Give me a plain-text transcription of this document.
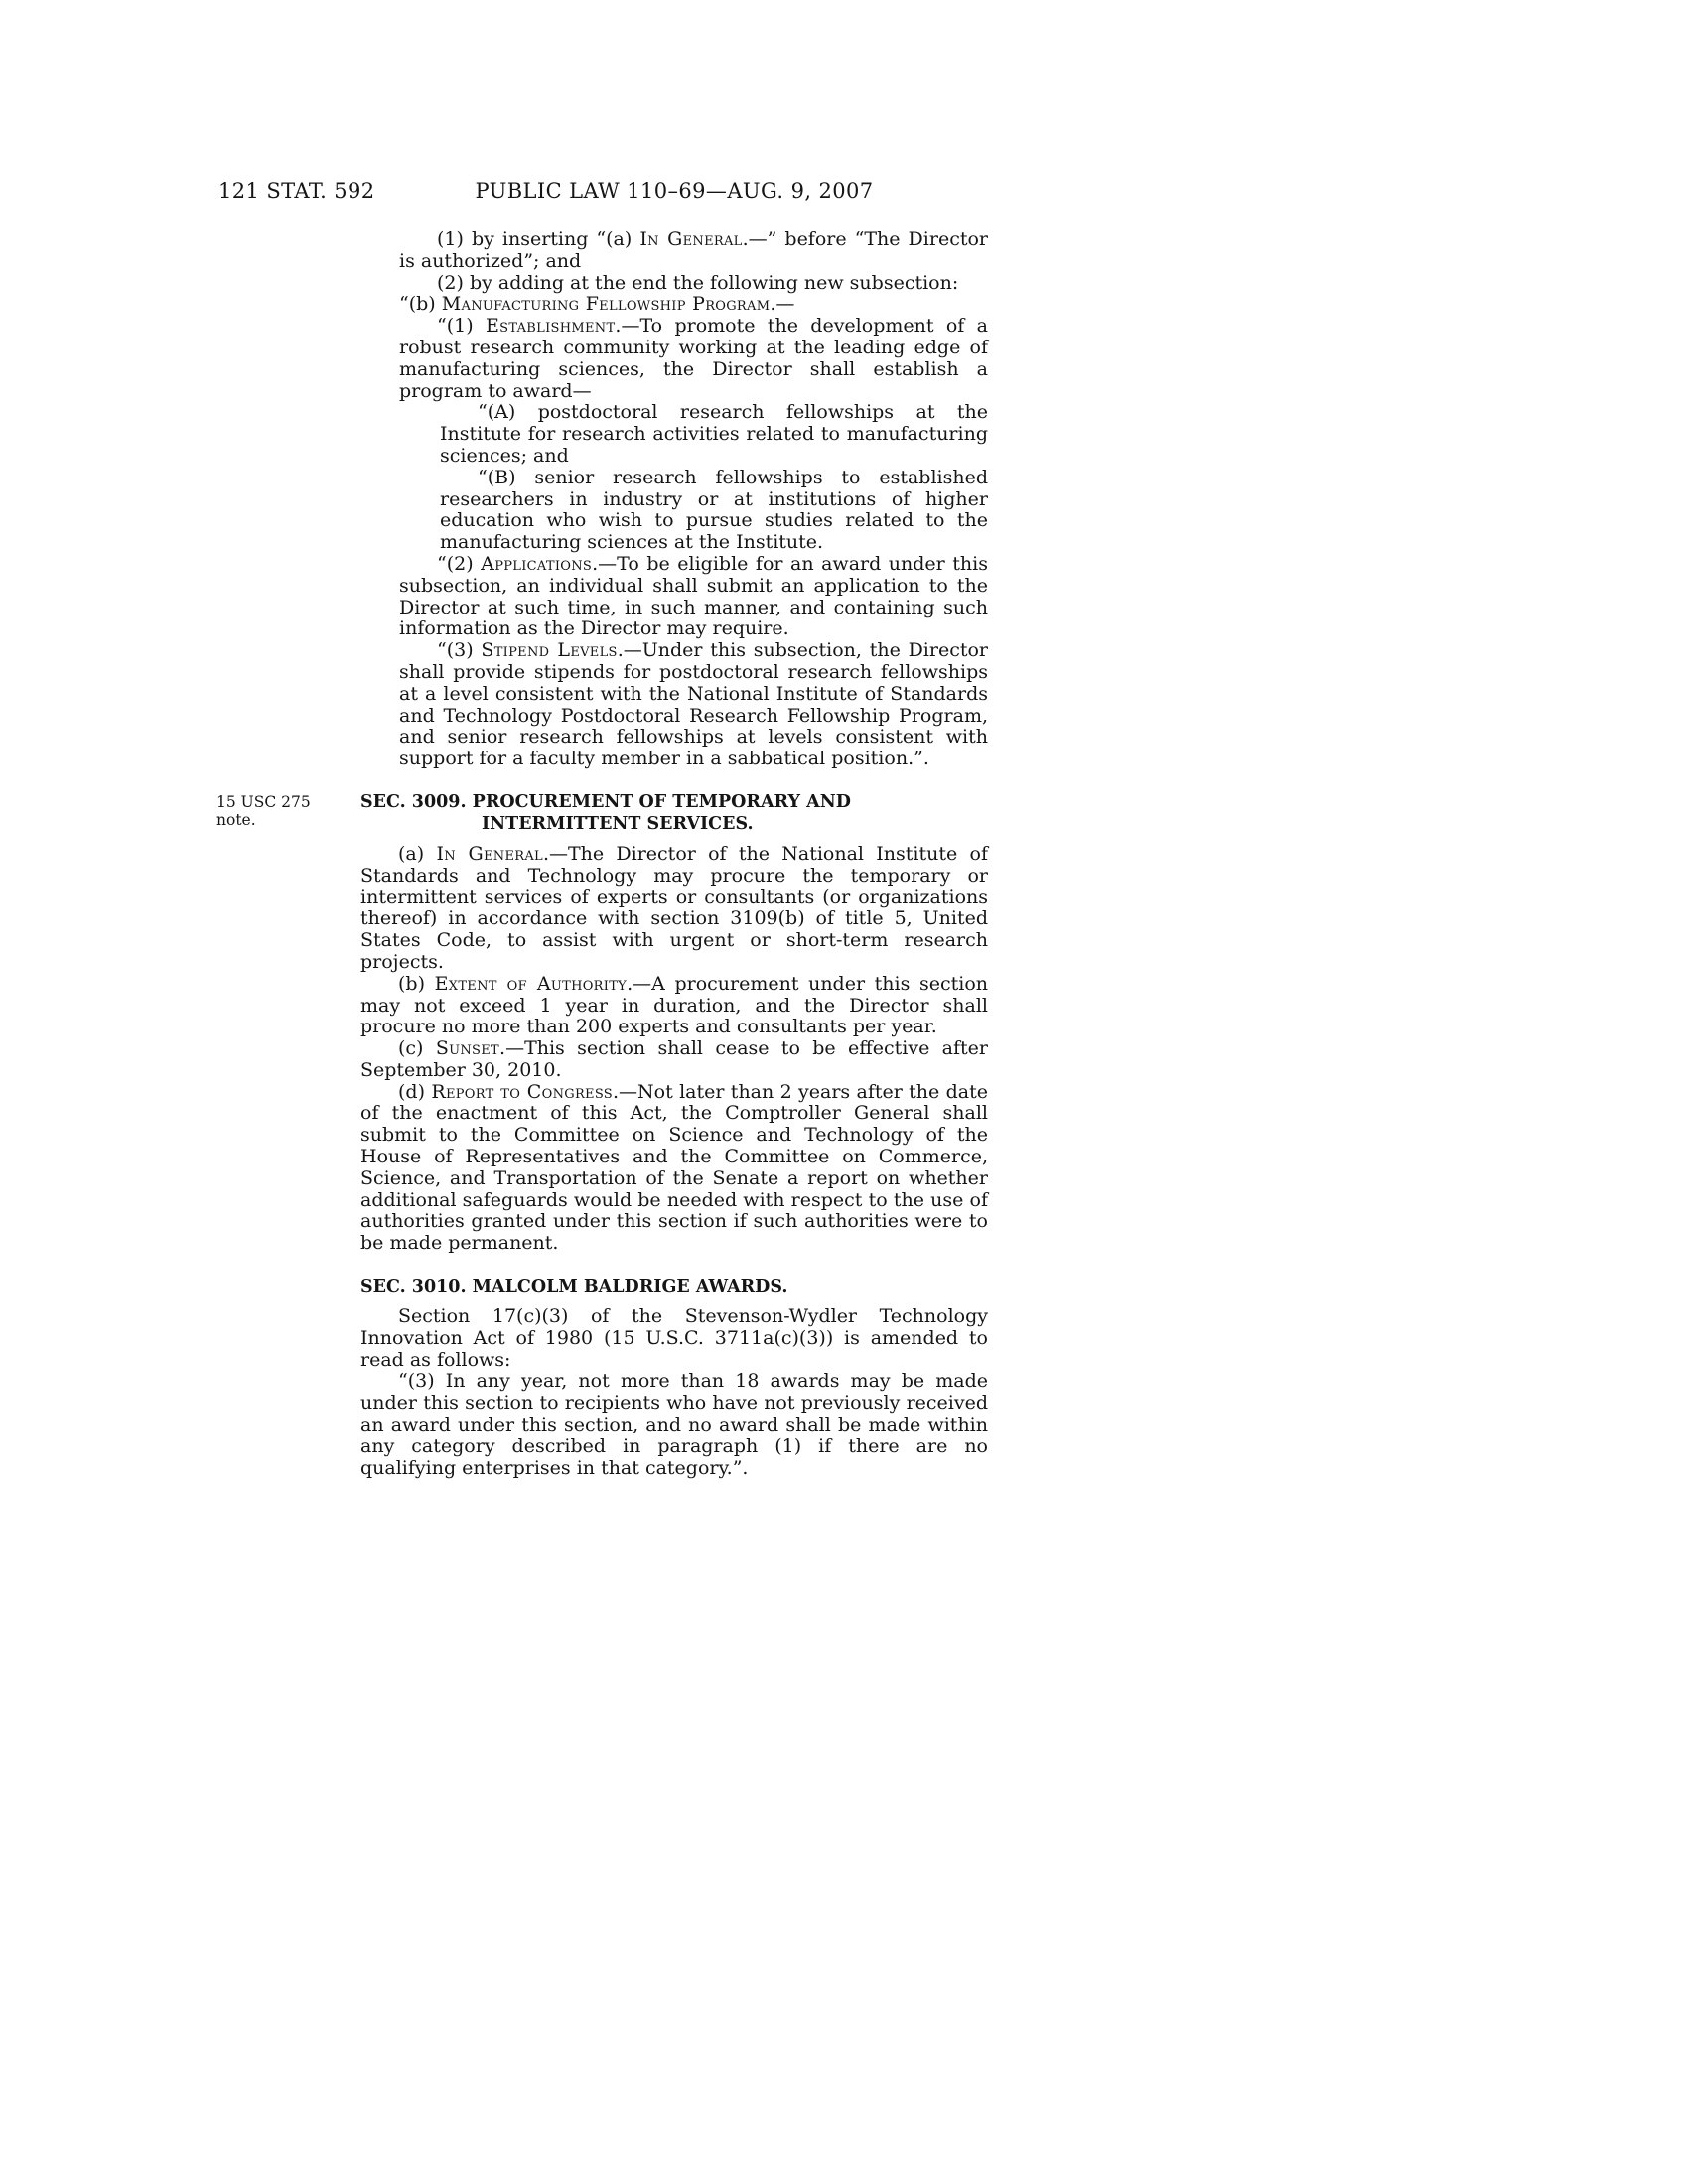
121 STAT. 592	PUBLIC LAW 110–69—AUG. 9, 2007

(1) by inserting “(a) In General.—” before “The Director is authorized”; and

(2) by adding at the end the following new subsection:

“(b) Manufacturing Fellowship Program.—

“(1) Establishment.—To promote the development of a robust research community working at the leading edge of manufacturing sciences, the Director shall establish a program to award—

“(A) postdoctoral research fellowships at the Institute for research activities related to manufacturing sciences; and

“(B) senior research fellowships to established researchers in industry or at institutions of higher education who wish to pursue studies related to the manufacturing sciences at the Institute.

“(2) Applications.—To be eligible for an award under this subsection, an individual shall submit an application to the Director at such time, in such manner, and containing such information as the Director may require.

“(3) Stipend Levels.—Under this subsection, the Director shall provide stipends for postdoctoral research fellowships at a level consistent with the National Institute of Standards and Technology Postdoctoral Research Fellowship Program, and senior research fellowships at levels consistent with support for a faculty member in a sabbatical position.”.

SEC. 3009. PROCUREMENT OF TEMPORARY AND INTERMITTENT SERVICES.
15 USC 275 note.

(a) In General.—The Director of the National Institute of Standards and Technology may procure the temporary or intermittent services of experts or consultants (or organizations thereof) in accordance with section 3109(b) of title 5, United States Code, to assist with urgent or short-term research projects.

(b) Extent of Authority.—A procurement under this section may not exceed 1 year in duration, and the Director shall procure no more than 200 experts and consultants per year.

(c) Sunset.—This section shall cease to be effective after September 30, 2010.

(d) Report to Congress.—Not later than 2 years after the date of the enactment of this Act, the Comptroller General shall submit to the Committee on Science and Technology of the House of Representatives and the Committee on Commerce, Science, and Transportation of the Senate a report on whether additional safeguards would be needed with respect to the use of authorities granted under this section if such authorities were to be made permanent.

SEC. 3010. MALCOLM BALDRIGE AWARDS.

Section 17(c)(3) of the Stevenson-Wydler Technology Innovation Act of 1980 (15 U.S.C. 3711a(c)(3)) is amended to read as follows:

“(3) In any year, not more than 18 awards may be made under this section to recipients who have not previously received an award under this section, and no award shall be made within any category described in paragraph (1) if there are no qualifying enterprises in that category.”.
